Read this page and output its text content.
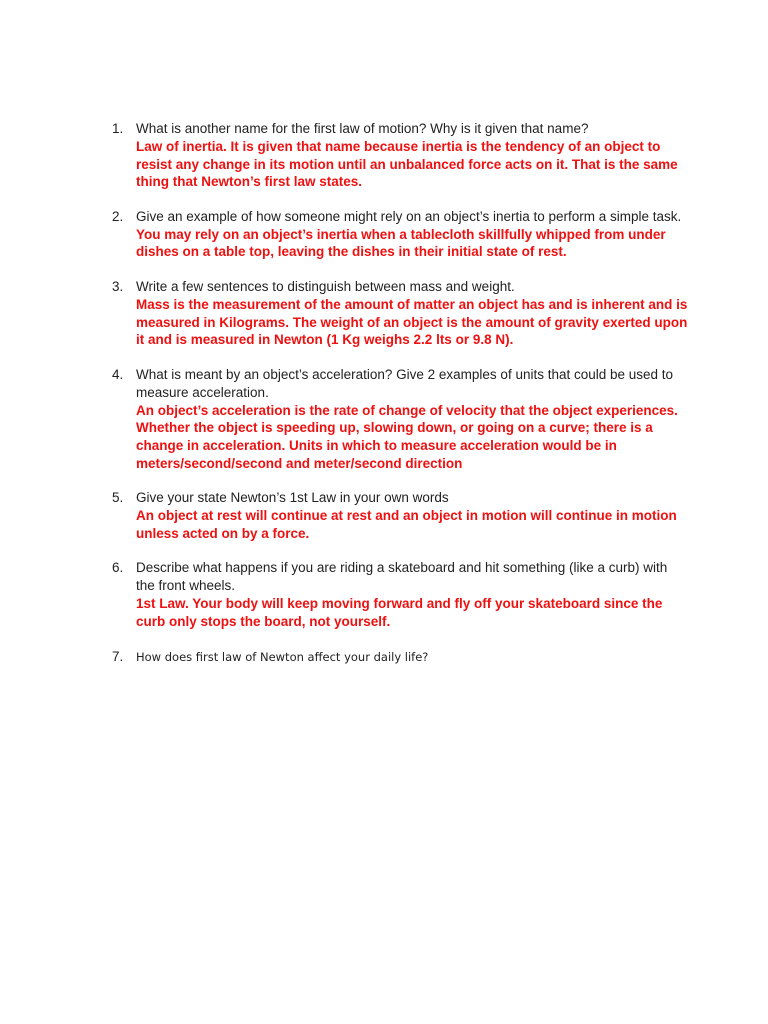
1. What is another name for the first law of motion? Why is it given that name?
Law of inertia. It is given that name because inertia is the tendency of an object to resist any change in its motion until an unbalanced force acts on it. That is the same thing that Newton’s first law states.
2. Give an example of how someone might rely on an object’s inertia to perform a simple task.
You may rely on an object’s inertia when a tablecloth skillfully whipped from under dishes on a table top, leaving the dishes in their initial state of rest.
3. Write a few sentences to distinguish between mass and weight.
Mass is the measurement of the amount of matter an object has and is inherent and is measured in Kilograms. The weight of an object is the amount of gravity exerted upon it and is measured in Newton (1 Kg weighs 2.2 lts or 9.8 N).
4. What is meant by an object’s acceleration? Give 2 examples of units that could be used to measure acceleration.
An object’s acceleration is the rate of change of velocity that the object experiences. Whether the object is speeding up, slowing down, or going on a curve; there is a change in acceleration. Units in which to measure acceleration would be in meters/second/second and meter/second direction
5. Give your state Newton’s 1st Law in your own words
An object at rest will continue at rest and an object in motion will continue in motion unless acted on by a force.
6. Describe what happens if you are riding a skateboard and hit something (like a curb) with the front wheels.
1st Law. Your body will keep moving forward and fly off your skateboard since the curb only stops the board, not yourself.
7. How does first law of Newton affect your daily life?
